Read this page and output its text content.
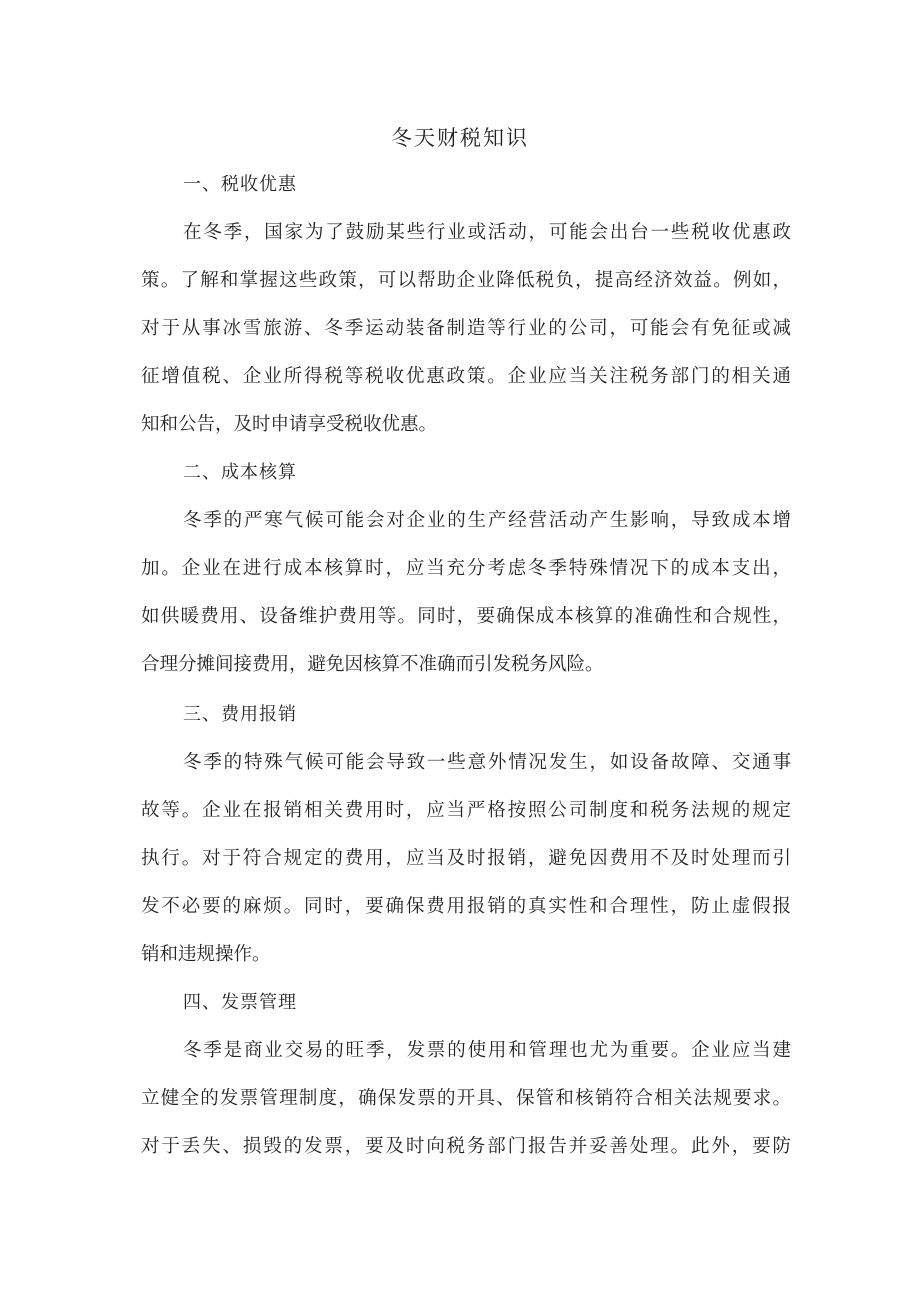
冬天财税知识
一、税收优惠
在冬季，国家为了鼓励某些行业或活动，可能会出台一些税收优惠政
策。了解和掌握这些政策，可以帮助企业降低税负，提高经济效益。例如，
对于从事冰雪旅游、冬季运动装备制造等行业的公司，可能会有免征或减
征增值税、企业所得税等税收优惠政策。企业应当关注税务部门的相关通
知和公告，及时申请享受税收优惠。
二、成本核算
冬季的严寒气候可能会对企业的生产经营活动产生影响，导致成本增
加。企业在进行成本核算时，应当充分考虑冬季特殊情况下的成本支出，
如供暖费用、设备维护费用等。同时，要确保成本核算的准确性和合规性，
合理分摊间接费用，避免因核算不准确而引发税务风险。
三、费用报销
冬季的特殊气候可能会导致一些意外情况发生，如设备故障、交通事
故等。企业在报销相关费用时，应当严格按照公司制度和税务法规的规定
执行。对于符合规定的费用，应当及时报销，避免因费用不及时处理而引
发不必要的麻烦。同时，要确保费用报销的真实性和合理性，防止虚假报
销和违规操作。
四、发票管理
冬季是商业交易的旺季，发票的使用和管理也尤为重要。企业应当建
立健全的发票管理制度，确保发票的开具、保管和核销符合相关法规要求。
对于丢失、损毁的发票，要及时向税务部门报告并妥善处理。此外，要防
